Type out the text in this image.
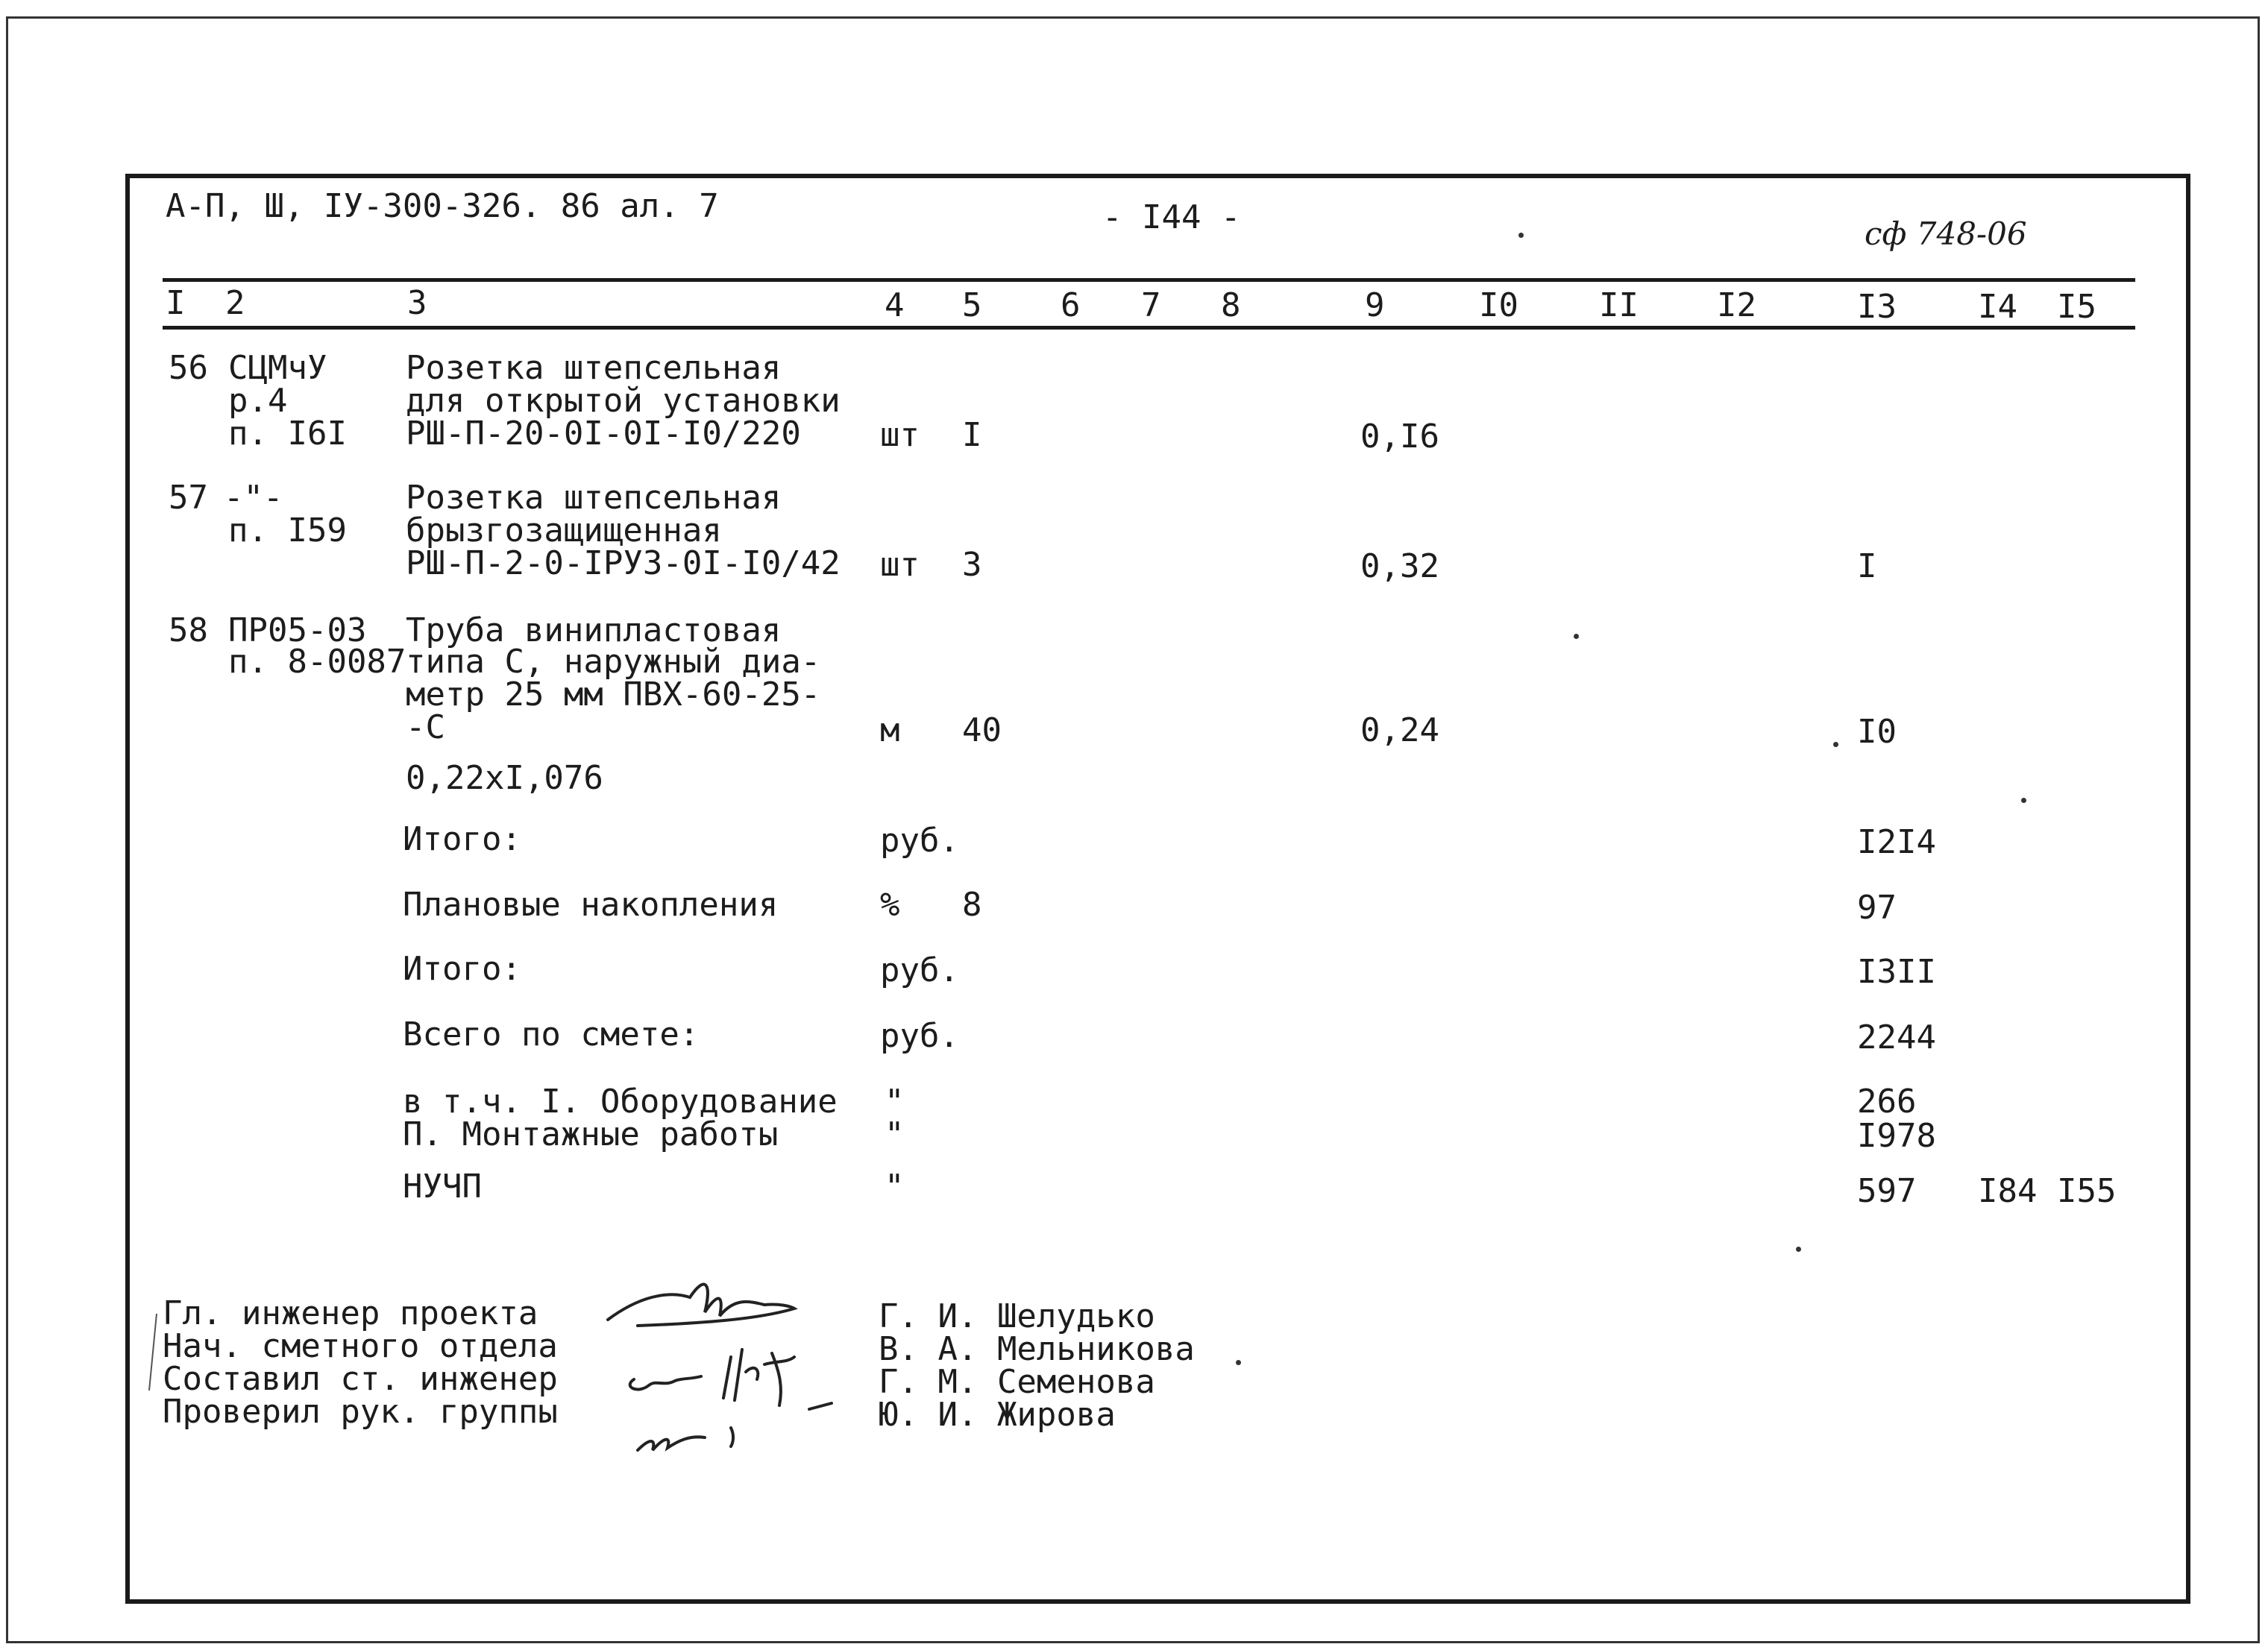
А-П, Ш, IУ-300-326. 86 ал. 7	- I44 -	сф 748-06
I 2	3	4 5 6 7 8	9	I0 II I2	I3 I4 I5
56 СЦМчУ
р.4
п. I6I
Розетка штепсельная
для открытой установки
РШ-П-20-0I-0I-I0/220 шт I	0,I6
57 -"-
п. I59
Розетка штепсельная
брызгозащищенная
РШ-П-2-0-IРУ3-0I-I0/42 шт 3	0,32	I
58 ПР05-03
п. 8-0087
Труба винипластовая
типа С, наружный диа-
метр 25 мм ПВХ-60-25-
-С	м 40	0,24	I0
0,22xI,076
Итого:	руб.	I2I4
Плановые накопления	% 8	97
Итого:	руб.	I3II
Всего по смете:	руб.	2244
в т.ч. I. Оборудование "	266
П. Монтажные работы	"	I978
НУЧП	"	597 I84 I55
Гл. инженер проекта
Нач. сметного отдела
Составил ст. инженер
Проверил рук. группы
Г. И. Шелудько
В. А. Мельникова
Г. М. Семенова
Ю. И. Жирова
